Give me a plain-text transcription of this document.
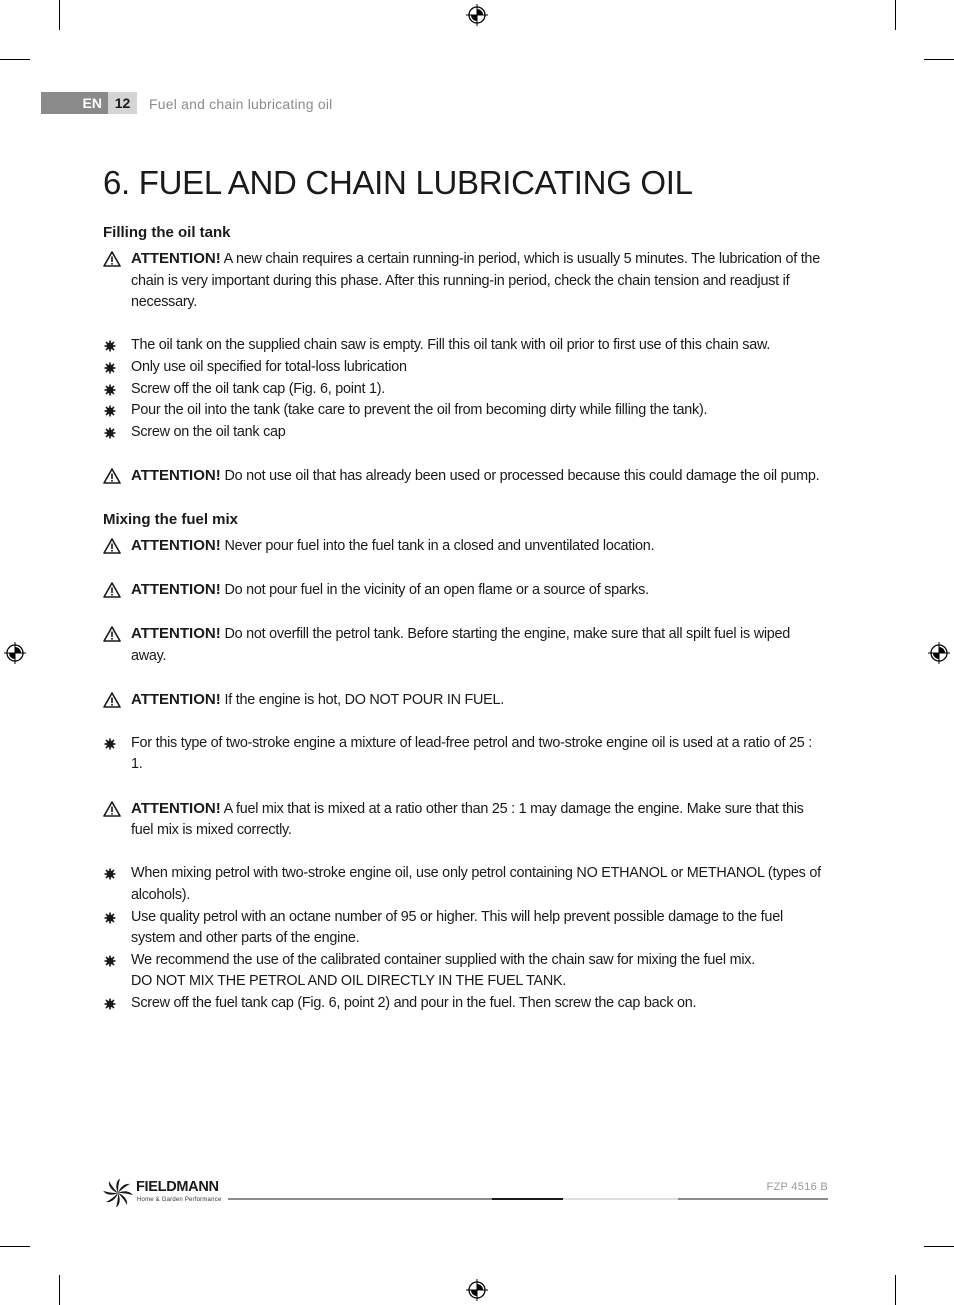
EN 12	Fuel and chain lubricating oil
6. FUEL AND CHAIN LUBRICATING OIL
Filling the oil tank
ATTENTION! A new chain requires a certain running-in period, which is usually 5 minutes. The lubrication of the chain is very important during this phase. After this running-in period, check the chain tension and readjust if necessary.
The oil tank on the supplied chain saw is empty. Fill this oil tank with oil prior to first use of this chain saw.
Only use oil specified for total-loss lubrication
Screw off the oil tank cap (Fig. 6, point 1).
Pour the oil into the tank (take care to prevent the oil from becoming dirty while filling the tank).
Screw on the oil tank cap
ATTENTION! Do not use oil that has already been used or processed because this could damage the oil pump.
Mixing the fuel mix
ATTENTION! Never pour fuel into the fuel tank in a closed and unventilated location.
ATTENTION! Do not pour fuel in the vicinity of an open flame or a source of sparks.
ATTENTION! Do not overfill the petrol tank. Before starting the engine, make sure that all spilt fuel is wiped away.
ATTENTION! If the engine is hot, DO NOT POUR IN FUEL.
For this type of two-stroke engine a mixture of lead-free petrol and two-stroke engine oil is used at a ratio of 25 : 1.
ATTENTION! A fuel mix that is mixed at a ratio other than 25 : 1 may damage the engine. Make sure that this fuel mix is mixed correctly.
When mixing petrol with two-stroke engine oil, use only petrol containing NO ETHANOL or METHANOL (types of alcohols).
Use quality petrol with an octane number of 95 or higher. This will help prevent possible damage to the fuel system and other parts of the engine.
We recommend the use of the calibrated container supplied with the chain saw for mixing the fuel mix.
DO NOT MIX THE PETROL AND OIL DIRECTLY IN THE FUEL TANK.
Screw off the fuel tank cap (Fig. 6, point 2) and pour in the fuel. Then screw the cap back on.
FIELDMANN
Home & Garden Performance
FZP 4516 B
